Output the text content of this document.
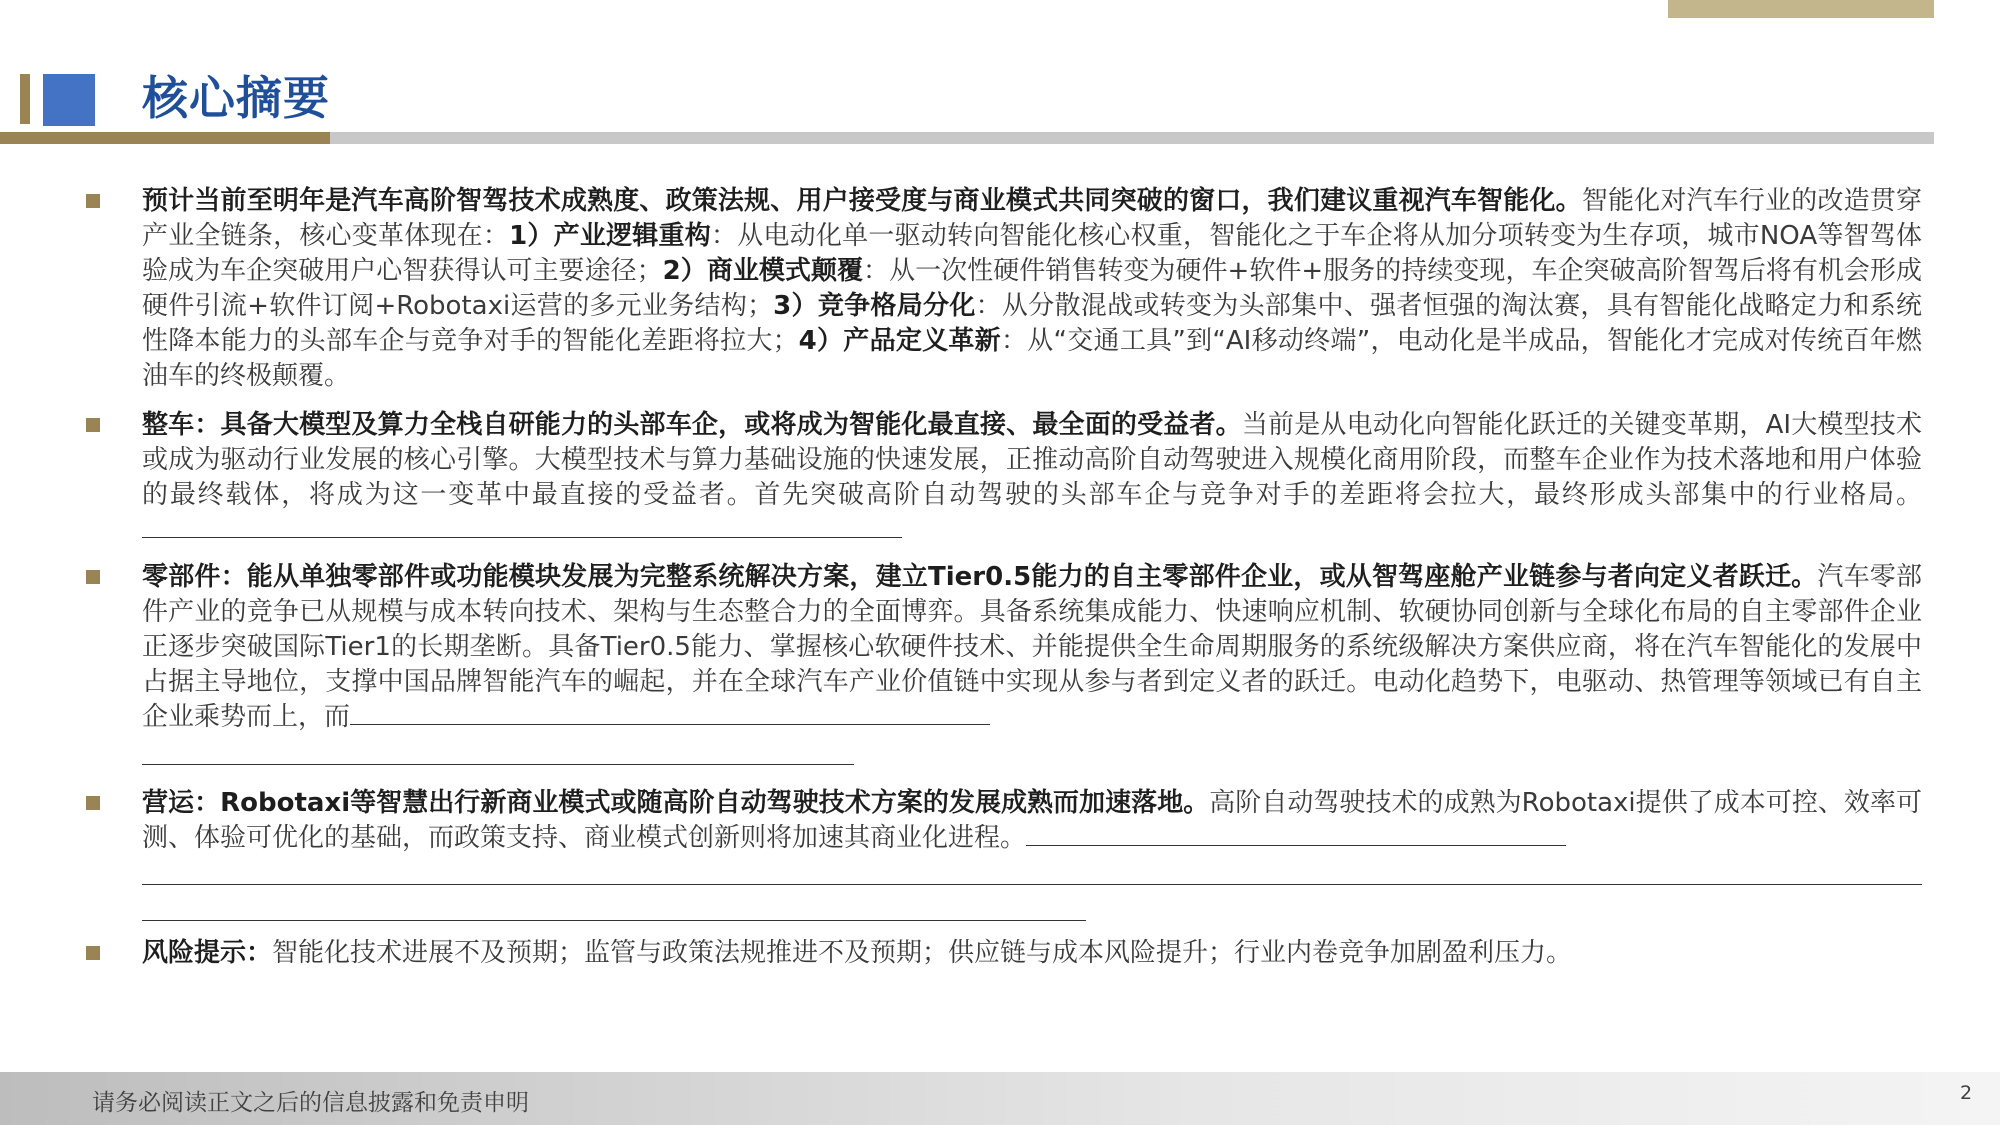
核心摘要
预计当前至明年是汽车高阶智驾技术成熟度、政策法规、用户接受度与商业模式共同突破的窗口，我们建议重视汽车智能化。智能化对汽车行业的改造贯穿产业全链条，核心变革体现在：1）产业逻辑重构：从电动化单一驱动转向智能化核心权重，智能化之于车企将从加分项转变为生存项，城市NOA等智驾体验成为车企突破用户心智获得认可主要途径；2）商业模式颠覆：从一次性硬件销售转变为硬件+软件+服务的持续变现，车企突破高阶智驾后将有机会形成硬件引流+软件订阅+Robotaxi运营的多元业务结构；3）竞争格局分化：从分散混战或转变为头部集中、强者恒强的淘汰赛，具有智能化战略定力和系统性降本能力的头部车企与竞争对手的智能化差距将拉大；4）产品定义革新：从“交通工具”到“AI移动终端”，电动化是半成品，智能化才完成对传统百年燃油车的终极颠覆。
整车：具备大模型及算力全栈自研能力的头部车企，或将成为智能化最直接、最全面的受益者。当前是从电动化向智能化跃迁的关键变革期，AI大模型技术或成为驱动行业发展的核心引擎。大模型技术与算力基础设施的快速发展，正推动高阶自动驾驶进入规模化商用阶段，而整车企业作为技术落地和用户体验的最终载体，将成为这一变革中最直接的受益者。首先突破高阶自动驾驶的头部车企与竞争对手的差距将会拉大，最终形成头部集中的行业格局。
零部件：能从单独零部件或功能模块发展为完整系统解决方案，建立Tier0.5能力的自主零部件企业，或从智驾座舱产业链参与者向定义者跃迁。汽车零部件产业的竞争已从规模与成本转向技术、架构与生态整合力的全面博弈。具备系统集成能力、快速响应机制、软硬协同创新与全球化布局的自主零部件企业正逐步突破国际Tier1的长期垄断。具备Tier0.5能力、掌握核心软硬件技术、并能提供全生命周期服务的系统级解决方案供应商，将在汽车智能化的发展中占据主导地位，支撑中国品牌智能汽车的崛起，并在全球汽车产业价值链中实现从参与者到定义者的跃迁。电动化趋势下，电驱动、热管理等领域已有自主企业乘势而上，而
营运：Robotaxi等智慧出行新商业模式或随高阶自动驾驶技术方案的发展成熟而加速落地。高阶自动驾驶技术的成熟为Robotaxi提供了成本可控、效率可测、体验可优化的基础，而政策支持、商业模式创新则将加速其商业化进程。
风险提示：智能化技术进展不及预期；监管与政策法规推进不及预期；供应链与成本风险提升；行业内卷竞争加剧盈利压力。
请务必阅读正文之后的信息披露和免责申明	2
